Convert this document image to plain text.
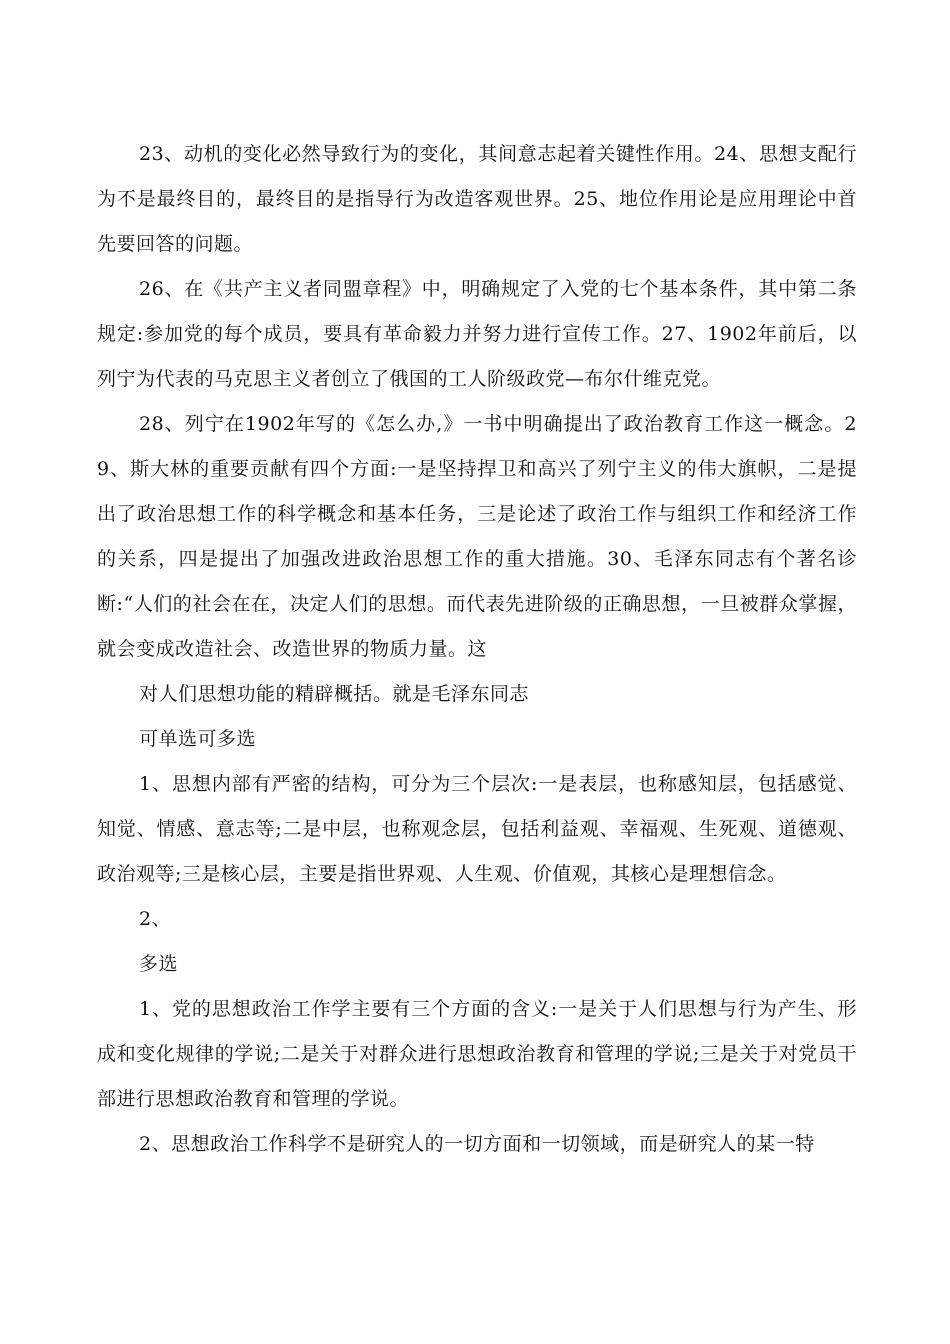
23、动机的变化必然导致行为的变化，其间意志起着关键性作用。24、思想支配行为不是最终目的，最终目的是指导行为改造客观世界。25、地位作用论是应用理论中首先要回答的问题。

26、在《共产主义者同盟章程》中，明确规定了入党的七个基本条件，其中第二条规定:参加党的每个成员，要具有革命毅力并努力进行宣传工作。27、1902年前后，以列宁为代表的马克思主义者创立了俄国的工人阶级政党—布尔什维克党。

28、列宁在1902年写的《怎么办,》一书中明确提出了政治教育工作这一概念。29、斯大林的重要贡献有四个方面:一是坚持捍卫和高兴了列宁主义的伟大旗帜，二是提出了政治思想工作的科学概念和基本任务，三是论述了政治工作与组织工作和经济工作的关系，四是提出了加强改进政治思想工作的重大措施。30、毛泽东同志有个著名诊断:“人们的社会在在，决定人们的思想。而代表先进阶级的正确思想，一旦被群众掌握，就会变成改造社会、改造世界的物质力量。这

对人们思想功能的精辟概括。就是毛泽东同志

可单选可多选

1、思想内部有严密的结构，可分为三个层次:一是表层，也称感知层，包括感觉、知觉、情感、意志等;二是中层，也称观念层，包括利益观、幸福观、生死观、道德观、政治观等;三是核心层，主要是指世界观、人生观、价值观，其核心是理想信念。

2、

多选

1、党的思想政治工作学主要有三个方面的含义:一是关于人们思想与行为产生、形成和变化规律的学说;二是关于对群众进行思想政治教育和管理的学说;三是关于对党员干部进行思想政治教育和管理的学说。

2、思想政治工作科学不是研究人的一切方面和一切领域，而是研究人的某一特
